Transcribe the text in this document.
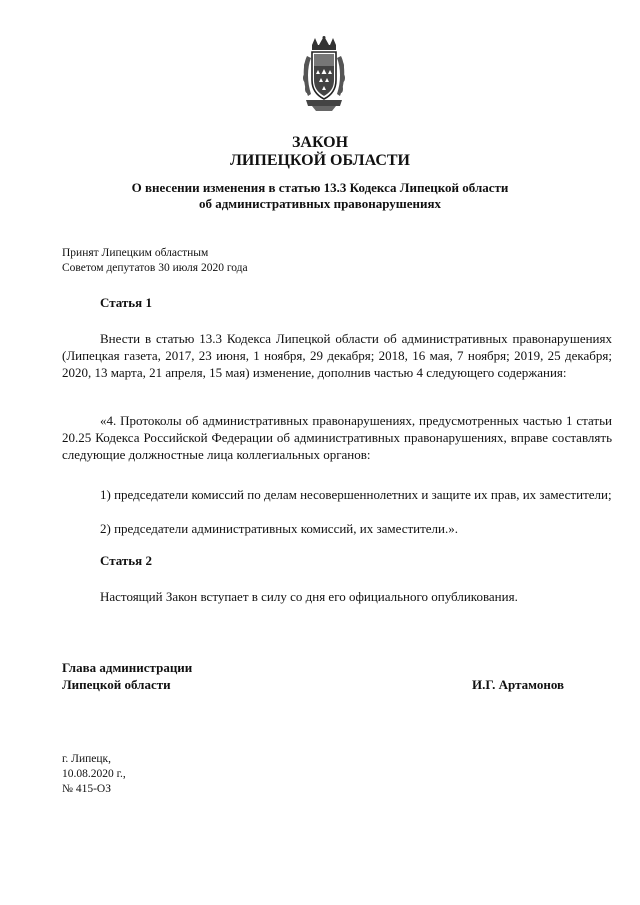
ЗАКОН
ЛИПЕЦКОЙ ОБЛАСТИ
О внесении изменения в статью 13.3 Кодекса Липецкой области
об административных правонарушениях
Принят Липецким областным
Советом депутатов 30 июля 2020 года
Статья 1

Внести в статью 13.3 Кодекса Липецкой области об административных правонарушениях (Липецкая газета, 2017, 23 июня, 1 ноября, 29 декабря; 2018, 16 мая, 7 ноября; 2019, 25 декабря; 2020, 13 марта, 21 апреля, 15 мая) изменение, дополнив частью 4 следующего содержания:

«4. Протоколы об административных правонарушениях, предусмотренных частью 1 статьи 20.25 Кодекса Российской Федерации об административных правонарушениях, вправе составлять следующие должностные лица коллегиальных органов:

1) председатели комиссий по делам несовершеннолетних и защите их прав, их заместители;

2) председатели административных комиссий, их заместители.».

Статья 2

Настоящий Закон вступает в силу со дня его официального опубликования.

Глава администрации
Липецкой области	И.Г. Артамонов
г. Липецк,
10.08.2020 г.,
№ 415-ОЗ
